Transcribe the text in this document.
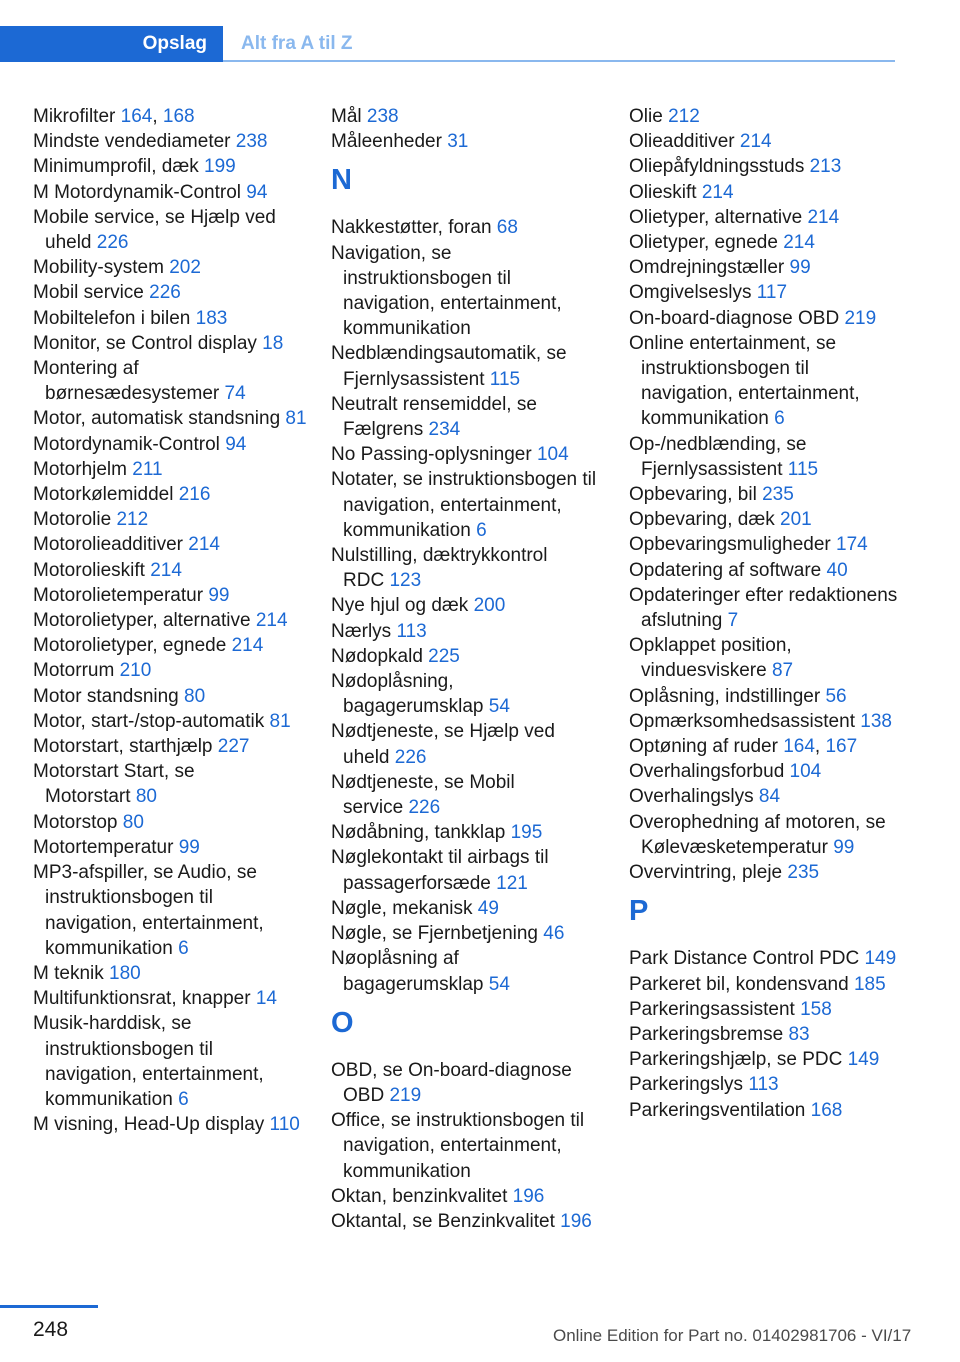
Opslag	Alt fra A til Z
Mikrofilter 164, 168
Mindste vendediameter 238
Minimumprofil, dæk 199
M Motordynamik-Control 94
Mobile service, se Hjælp ved uheld 226
Mobility-system 202
Mobil service 226
Mobiltelefon i bilen 183
Monitor, se Control display 18
Montering af børnesædesystemer 74
Motor, automatisk standsning 81
Motordynamik-Control 94
Motorhjelm 211
Motorkølemiddel 216
Motorolie 212
Motorolieadditiver 214
Motorolieskift 214
Motorolietemperatur 99
Motorolietyper, alternative 214
Motorolietyper, egnede 214
Motorrum 210
Motor standsning 80
Motor, start-/stop-automatik 81
Motorstart, starthjælp 227
Motorstart Start, se Motorstart 80
Motorstop 80
Motortemperatur 99
MP3-afspiller, se Audio, se instruktionsbogen til navigation, entertainment, kommunikation 6
M teknik 180
Multifunktionsrat, knapper 14
Musik-harddisk, se instruktionsbogen til navigation, entertainment, kommunikation 6
M visning, Head-Up display 110
Mål 238
Måleenheder 31
N
Nakkestøtter, foran 68
Navigation, se instruktionsbogen til navigation, entertainment, kommunikation
Nedblændingsautomatik, se Fjernlysassistent 115
Neutralt rensemiddel, se Fælgrens 234
No Passing-oplysninger 104
Notater, se instruktionsbogen til navigation, entertainment, kommunikation 6
Nulstilling, dæktrykkontrol RDC 123
Nye hjul og dæk 200
Nærlys 113
Nødopkald 225
Nødoplåsning, bagagerumsklap 54
Nødtjeneste, se Hjælp ved uheld 226
Nødtjeneste, se Mobil service 226
Nødåbning, tankklap 195
Nøglekontakt til airbags til passagerforsæde 121
Nøgle, mekanisk 49
Nøgle, se Fjernbetjening 46
Nøoplåsning af bagagerumsklap 54
O
OBD, se On-board-diagnose OBD 219
Office, se instruktionsbogen til navigation, entertainment, kommunikation
Oktan, benzinkvalitet 196
Oktantal, se Benzinkvalitet 196
Olie 212
Olieadditiver 214
Oliepåfyldningsstuds 213
Olieskift 214
Olietyper, alternative 214
Olietyper, egnede 214
Omdrejningstæller 99
Omgivelseslys 117
On-board-diagnose OBD 219
Online entertainment, se instruktionsbogen til navigation, entertainment, kommunikation 6
Op-/nedblænding, se Fjernlysassistent 115
Opbevaring, bil 235
Opbevaring, dæk 201
Opbevaringsmuligheder 174
Opdatering af software 40
Opdateringer efter redaktionens afslutning 7
Opklappet position, vinduesviskere 87
Oplåsning, indstillinger 56
Opmærksomhedsassistent 138
Optøning af ruder 164, 167
Overhalingsforbud 104
Overhalingslys 84
Overophedning af motoren, se Kølevæsketemperatur 99
Overvintring, pleje 235
P
Park Distance Control PDC 149
Parkeret bil, kondensvand 185
Parkeringsassistent 158
Parkeringsbremse 83
Parkeringshjælp, se PDC 149
Parkeringslys 113
Parkeringsventilation 168
248	Online Edition for Part no. 01402981706 - VI/17
